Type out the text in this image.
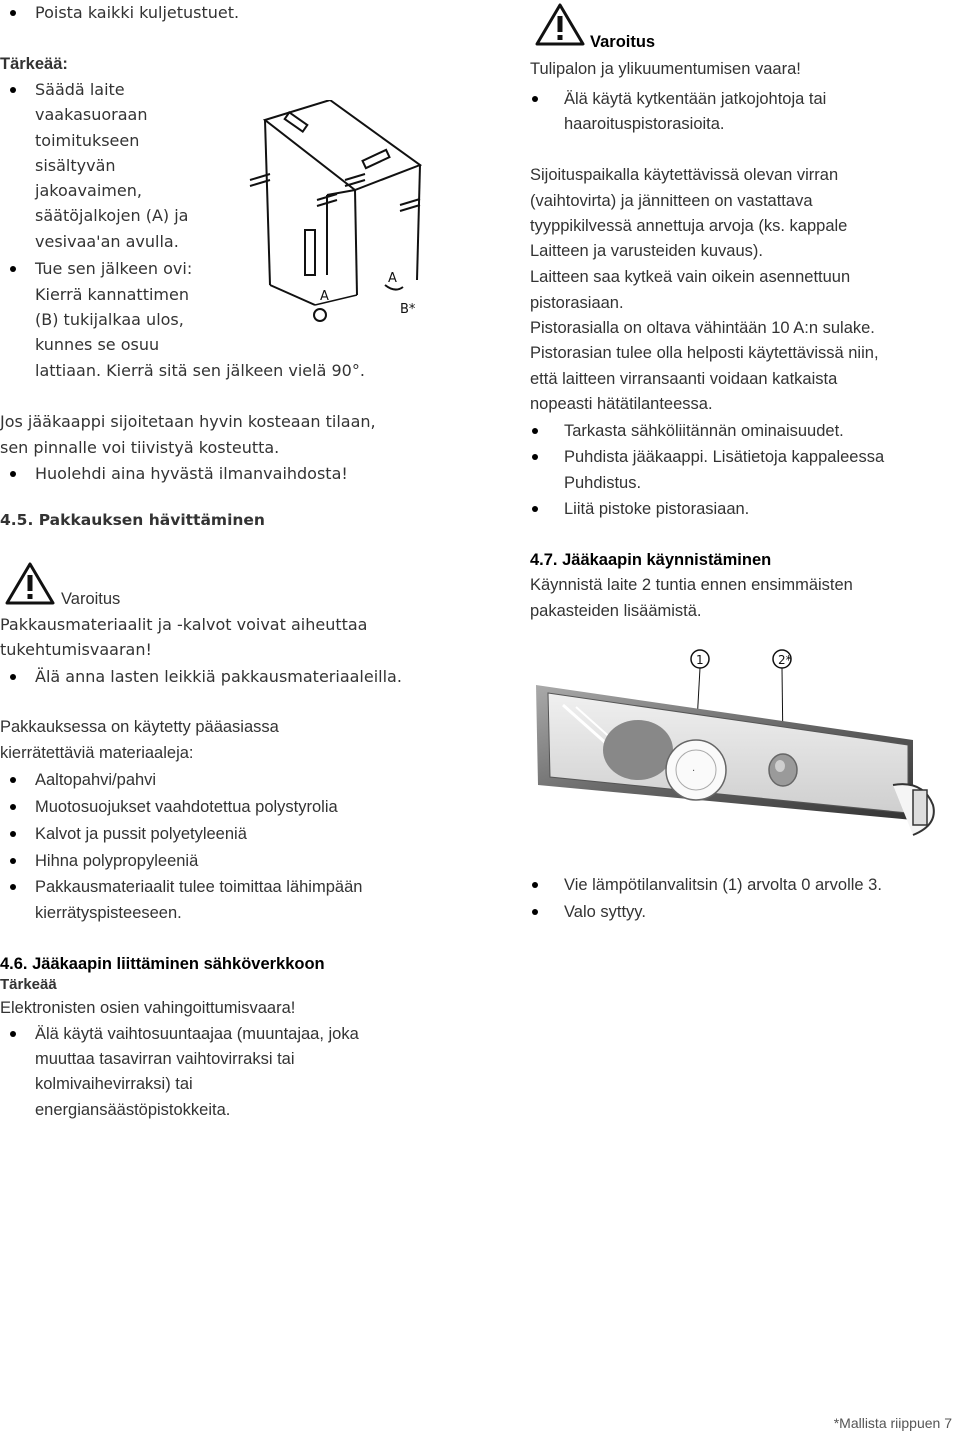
Poista kaikki kuljetustuet.
Tärkeää:
Säädä laite
vaakasuoraan
toimitukseen
sisältyvän
jakoavaimen,
säätöjalkojen (A) ja
vesivaa'an avulla.
Tue sen jälkeen ovi:
Kierrä kannattimen
(B) tukijalkaa ulos,
kunnes se osuu
lattiaan. Kierrä sitä sen jälkeen vielä 90°.
A
A
B*
Jos jääkaappi sijoitetaan hyvin kosteaan tilaan,
sen pinnalle voi tiivistyä kosteutta.
Huolehdi aina hyvästä ilmanvaihdosta!
4.5. Pakkauksen hävittäminen
Varoitus
Pakkausmateriaalit ja -kalvot voivat aiheuttaa
tukehtumisvaaran!
Älä anna lasten leikkiä pakkausmateriaaleilla.
Pakkauksessa on käytetty pääasiassa
kierrätettäviä materiaaleja:
Aaltopahvi/pahvi
Muotosuojukset vaahdotettua polystyrolia
Kalvot ja pussit polyetyleeniä
Hihna polypropyleeniä
Pakkausmateriaalit tulee toimittaa lähimpään
kierrätyspisteeseen.
4.6. Jääkaapin liittäminen sähköverkkoon
Tärkeää
Elektronisten osien vahingoittumisvaara!
Älä käytä vaihtosuuntaajaa (muuntajaa, joka
muuttaa tasavirran vaihtovirraksi tai
kolmivaihevirraksi) tai
energiansäästöpistokkeita.
Varoitus
Tulipalon ja ylikuumentumisen vaara!
Älä käytä kytkentään jatkojohtoja tai
haaroituspistorasioita.
Sijoituspaikalla käytettävissä olevan virran
(vaihtovirta) ja jännitteen on vastattava
tyyppikilvessä annettuja arvoja (ks. kappale
Laitteen ja varusteiden kuvaus).
Laitteen saa kytkeä vain oikein asennettuun
pistorasiaan.
Pistorasialla on oltava vähintään 10 A:n sulake.
Pistorasian tulee olla helposti käytettävissä niin,
että laitteen virransaanti voidaan katkaista
nopeasti hätätilanteessa.
Tarkasta sähköliitännän ominaisuudet.
Puhdista jääkaappi. Lisätietoja kappaleessa
Puhdistus.
Liitä pistoke pistorasiaan.
4.7. Jääkaapin käynnistäminen
Käynnistä laite 2 tuntia ennen ensimmäisten
pakasteiden lisäämistä.
1	2*
·
Vie lämpötilanvalitsin (1) arvolta 0 arvolle 3.
Valo syttyy.
*Mallista riippuen 7
